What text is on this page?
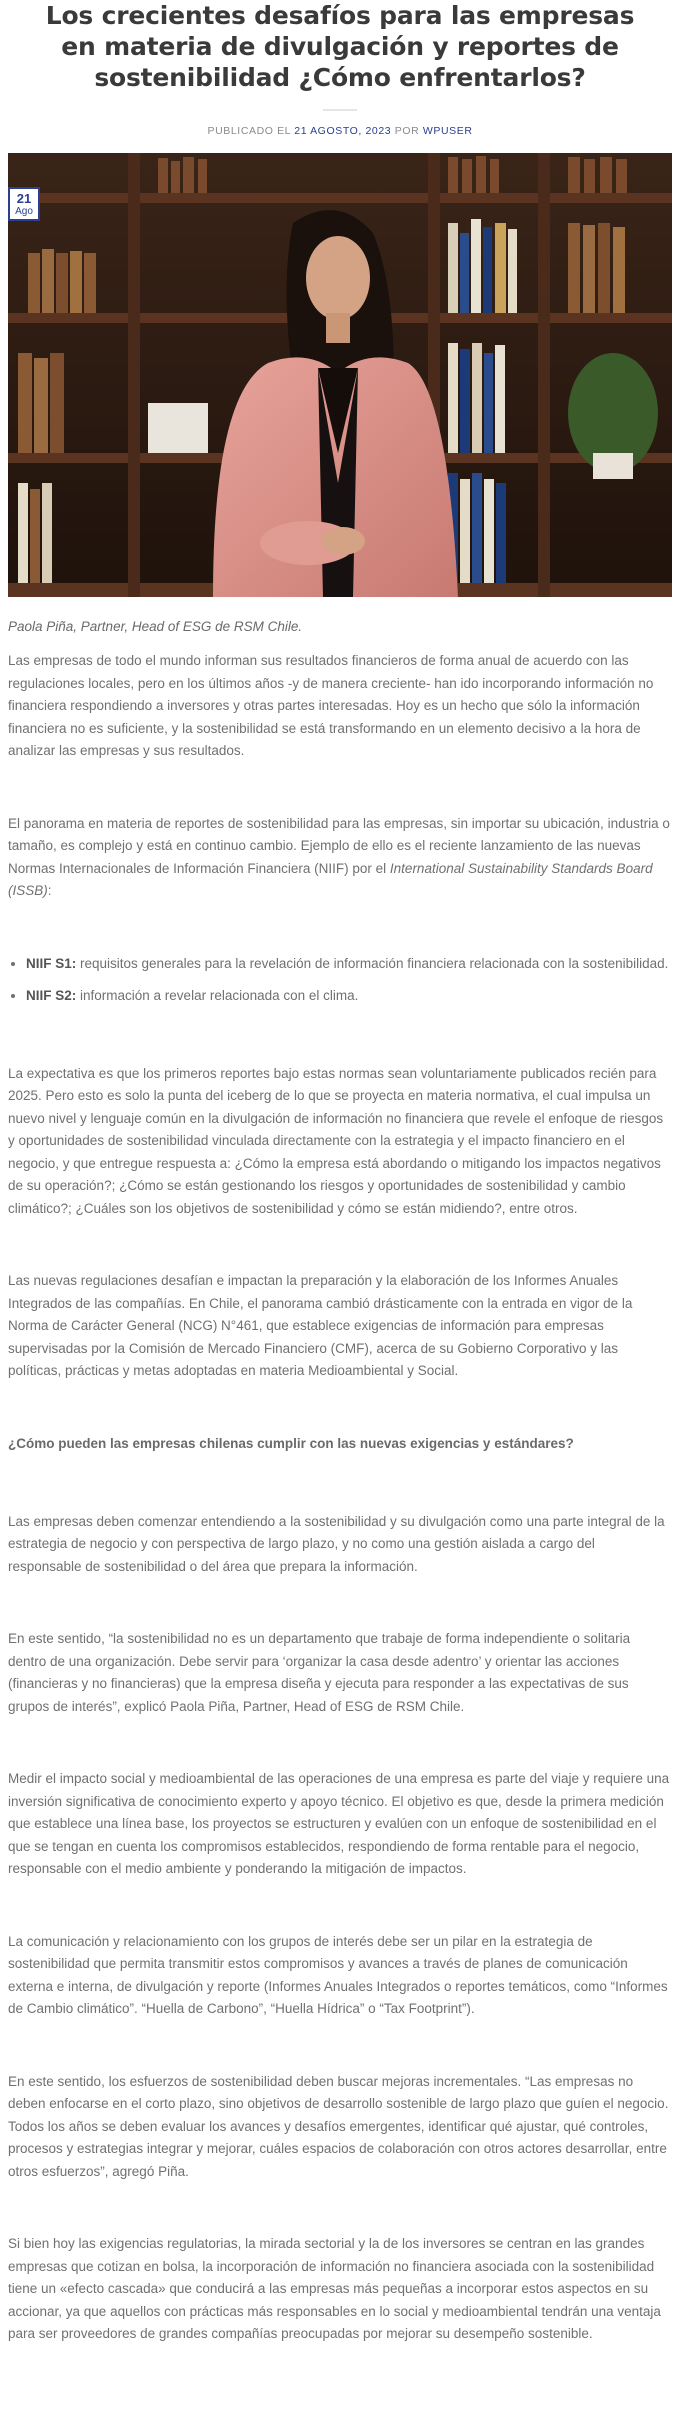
Los crecientes desafíos para las empresas en materia de divulgación y reportes de sostenibilidad ¿Cómo enfrentarlos?
PUBLICADO EL 21 AGOSTO, 2023 POR WPUSER
21
Ago

Paola Piña, Partner, Head of ESG de RSM Chile.

Las empresas de todo el mundo informan sus resultados financieros de forma anual de acuerdo con las regulaciones locales, pero en los últimos años -y de manera creciente- han ido incorporando información no financiera respondiendo a inversores y otras partes interesadas. Hoy es un hecho que sólo la información financiera no es suficiente, y la sostenibilidad se está transformando en un elemento decisivo a la hora de analizar las empresas y sus resultados.

El panorama en materia de reportes de sostenibilidad para las empresas, sin importar su ubicación, industria o tamaño, es complejo y está en continuo cambio. Ejemplo de ello es el reciente lanzamiento de las nuevas Normas Internacionales de Información Financiera (NIIF) por el International Sustainability Standards Board (ISSB):

• NIIF S1: requisitos generales para la revelación de información financiera relacionada con la sostenibilidad.
• NIIF S2: información a revelar relacionada con el clima.

La expectativa es que los primeros reportes bajo estas normas sean voluntariamente publicados recién para 2025. Pero esto es solo la punta del iceberg de lo que se proyecta en materia normativa, el cual impulsa un nuevo nivel y lenguaje común en la divulgación de información no financiera que revele el enfoque de riesgos y oportunidades de sostenibilidad vinculada directamente con la estrategia y el impacto financiero en el negocio, y que entregue respuesta a: ¿Cómo la empresa está abordando o mitigando los impactos negativos de su operación?; ¿Cómo se están gestionando los riesgos y oportunidades de sostenibilidad y cambio climático?; ¿Cuáles son los objetivos de sostenibilidad y cómo se están midiendo?, entre otros.

Las nuevas regulaciones desafían e impactan la preparación y la elaboración de los Informes Anuales Integrados de las compañías. En Chile, el panorama cambió drásticamente con la entrada en vigor de la Norma de Carácter General (NCG) N°461, que establece exigencias de información para empresas supervisadas por la Comisión de Mercado Financiero (CMF), acerca de su Gobierno Corporativo y las políticas, prácticas y metas adoptadas en materia Medioambiental y Social.

¿Cómo pueden las empresas chilenas cumplir con las nuevas exigencias y estándares?

Las empresas deben comenzar entendiendo a la sostenibilidad y su divulgación como una parte integral de la estrategia de negocio y con perspectiva de largo plazo, y no como una gestión aislada a cargo del responsable de sostenibilidad o del área que prepara la información.

En este sentido, “la sostenibilidad no es un departamento que trabaje de forma independiente o solitaria dentro de una organización. Debe servir para ‘organizar la casa desde adentro’ y orientar las acciones (financieras y no financieras) que la empresa diseña y ejecuta para responder a las expectativas de sus grupos de interés”, explicó Paola Piña, Partner, Head of ESG de RSM Chile.

Medir el impacto social y medioambiental de las operaciones de una empresa es parte del viaje y requiere una inversión significativa de conocimiento experto y apoyo técnico. El objetivo es que, desde la primera medición que establece una línea base, los proyectos se estructuren y evalúen con un enfoque de sostenibilidad en el que se tengan en cuenta los compromisos establecidos, respondiendo de forma rentable para el negocio, responsable con el medio ambiente y ponderando la mitigación de impactos.

La comunicación y relacionamiento con los grupos de interés debe ser un pilar en la estrategia de sostenibilidad que permita transmitir estos compromisos y avances a través de planes de comunicación externa e interna, de divulgación y reporte (Informes Anuales Integrados o reportes temáticos, como “Informes de Cambio climático”. “Huella de Carbono”, “Huella Hídrica” o “Tax Footprint”).

En este sentido, los esfuerzos de sostenibilidad deben buscar mejoras incrementales. “Las empresas no deben enfocarse en el corto plazo, sino objetivos de desarrollo sostenible de largo plazo que guíen el negocio. Todos los años se deben evaluar los avances y desafíos emergentes, identificar qué ajustar, qué controles, procesos y estrategias integrar y mejorar, cuáles espacios de colaboración con otros actores desarrollar, entre otros esfuerzos”, agregó Piña.

Si bien hoy las exigencias regulatorias, la mirada sectorial y la de los inversores se centran en las grandes empresas que cotizan en bolsa, la incorporación de información no financiera asociada con la sostenibilidad tiene un «efecto cascada» que conducirá a las empresas más pequeñas a incorporar estos aspectos en su accionar, ya que aquellos con prácticas más responsables en lo social y medioambiental tendrán una ventaja para ser proveedores de grandes compañías preocupadas por mejorar su desempeño sostenible.
